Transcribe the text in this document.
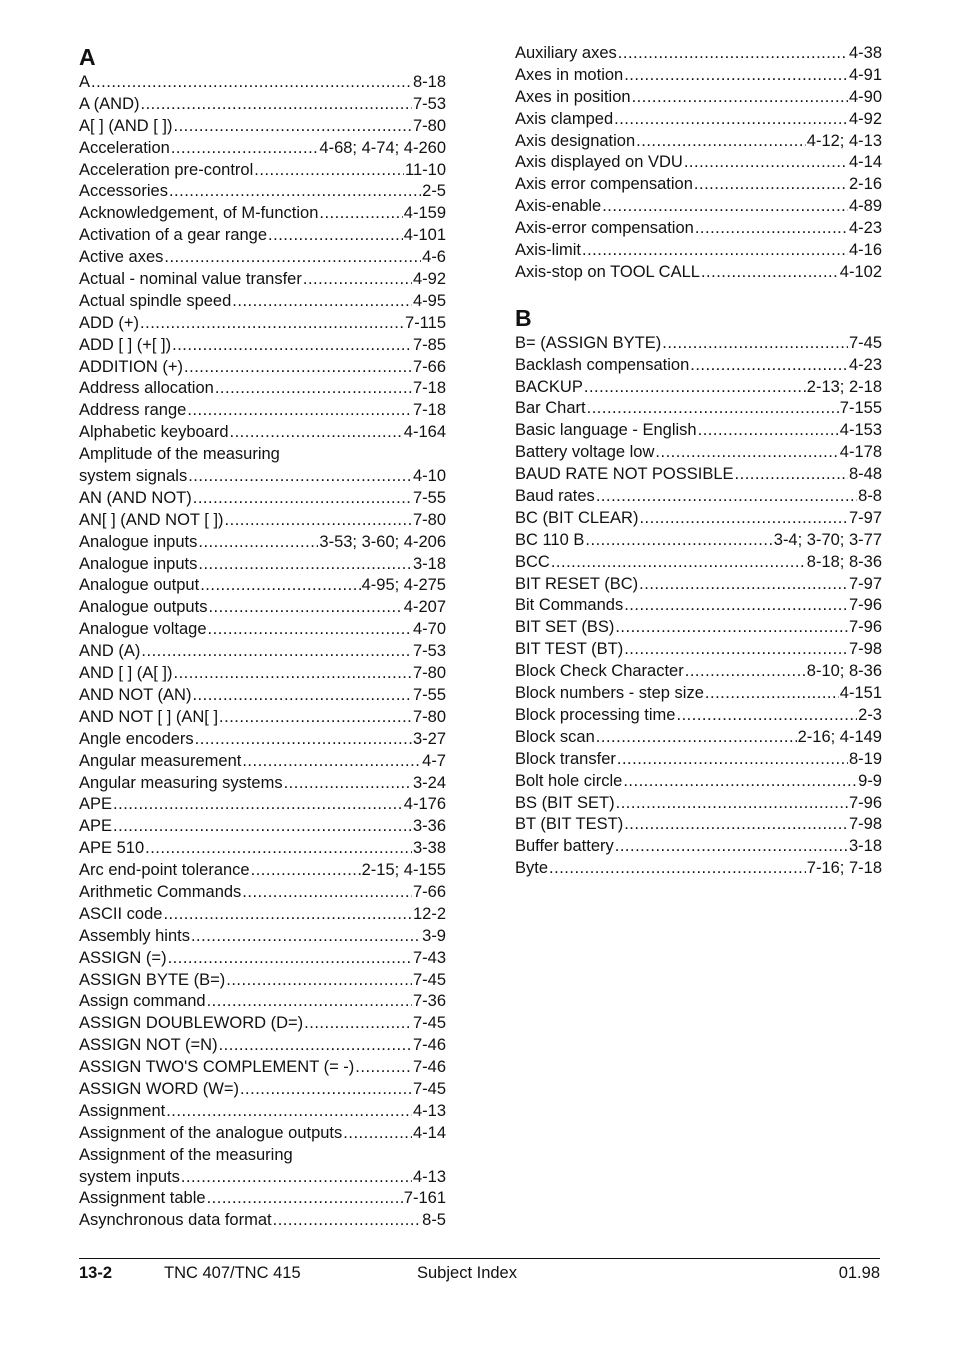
A
A .....	8-18
A (AND) .....	7-53
A[ ] (AND [ ]) .....	7-80
Acceleration .....	4-68; 4-74; 4-260
Acceleration pre-control .....	11-10
Accessories .....	2-5
Acknowledgement, of M-function .....	4-159
Activation of a gear range .....	4-101
Active axes .....	4-6
Actual - nominal value transfer .....	4-92
Actual spindle speed .....	4-95
ADD (+) .....	7-115
ADD [ ] (+[ ]) .....	7-85
ADDITION (+) .....	7-66
Address allocation .....	7-18
Address range .....	7-18
Alphabetic keyboard .....	4-164
Amplitude of the measuring
system signals .....	4-10
AN (AND NOT) .....	7-55
AN[ ] (AND NOT [ ]) .....	7-80
Analogue inputs .....	3-53; 3-60; 4-206
Analogue inputs .....	3-18
Analogue output .....	4-95; 4-275
Analogue outputs .....	4-207
Analogue voltage .....	4-70
AND (A) .....	7-53
AND [ ] (A[ ]) .....	7-80
AND NOT (AN) .....	7-55
AND NOT [ ] (AN[ ] .....	7-80
Angle encoders .....	3-27
Angular measurement .....	4-7
Angular measuring systems .....	3-24
APE .....	4-176
APE .....	3-36
APE 510 .....	3-38
Arc end-point tolerance .....	2-15; 4-155
Arithmetic Commands .....	7-66
ASCII code .....	12-2
Assembly hints .....	3-9
ASSIGN (=) .....	7-43
ASSIGN BYTE (B=) .....	7-45
Assign command .....	7-36
ASSIGN DOUBLEWORD (D=) .....	7-45
ASSIGN NOT (=N) .....	7-46
ASSIGN TWO'S COMPLEMENT (= -) .....	7-46
ASSIGN WORD (W=) .....	7-45
Assignment .....	4-13
Assignment of the analogue outputs .....	4-14
Assignment of the measuring
system inputs .....	4-13
Assignment table .....	7-161
Asynchronous data format .....	8-5
Auxiliary axes .....	4-38
Axes in motion .....	4-91
Axes in position .....	4-90
Axis clamped .....	4-92
Axis designation .....	4-12; 4-13
Axis displayed on VDU .....	4-14
Axis error compensation .....	2-16
Axis-enable .....	4-89
Axis-error compensation .....	4-23
Axis-limit .....	4-16
Axis-stop on TOOL CALL .....	4-102
B
B= (ASSIGN BYTE) .....	7-45
Backlash compensation .....	4-23
BACKUP .....	2-13; 2-18
Bar Chart .....	7-155
Basic language - English .....	4-153
Battery voltage low .....	4-178
BAUD RATE NOT POSSIBLE .....	8-48
Baud rates .....	8-8
BC (BIT CLEAR) .....	7-97
BC 110 B .....	3-4; 3-70; 3-77
BCC .....	8-18; 8-36
BIT RESET (BC) .....	7-97
Bit Commands .....	7-96
BIT SET (BS) .....	7-96
BIT TEST (BT) .....	7-98
Block Check Character .....	8-10; 8-36
Block numbers - step size .....	4-151
Block processing time .....	2-3
Block scan .....	2-16; 4-149
Block transfer .....	8-19
Bolt hole circle .....	9-9
BS (BIT SET) .....	7-96
BT (BIT TEST) .....	7-98
Buffer battery .....	3-18
Byte .....	7-16; 7-18
13-2	TNC 407/TNC 415	Subject Index	01.98
